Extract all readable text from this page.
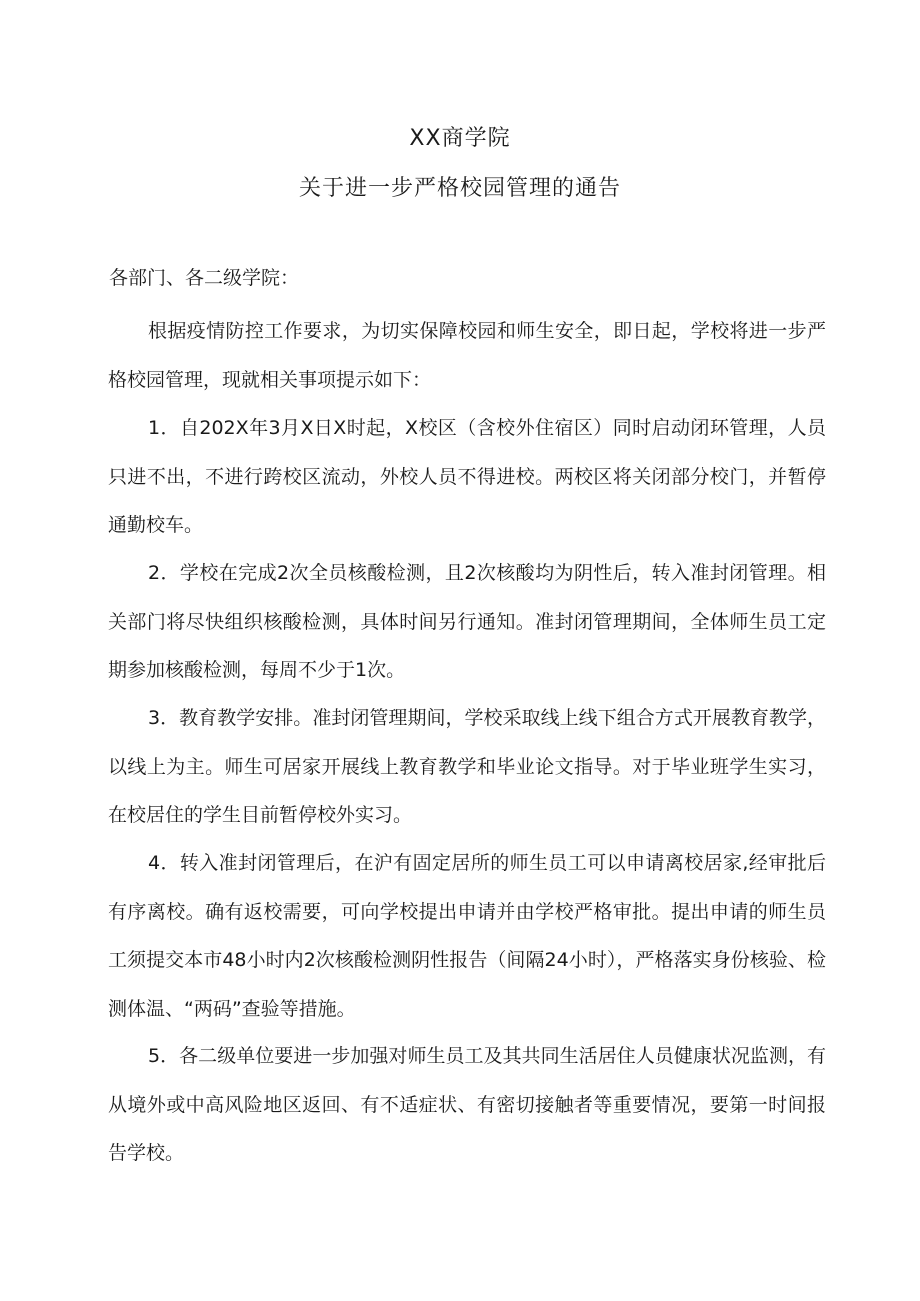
XX商学院
关于进一步严格校园管理的通告
各部门、各二级学院：

根据疫情防控工作要求，为切实保障校园和师生安全，即日起，学校将进一步严格校园管理，现就相关事项提示如下：

1．自202X年3月X日X时起，X校区（含校外住宿区）同时启动闭环管理，人员只进不出，不进行跨校区流动，外校人员不得进校。两校区将关闭部分校门，并暂停通勤校车。

2．学校在完成2次全员核酸检测，且2次核酸均为阴性后，转入准封闭管理。相关部门将尽快组织核酸检测，具体时间另行通知。准封闭管理期间，全体师生员工定期参加核酸检测，每周不少于1次。

3．教育教学安排。准封闭管理期间，学校采取线上线下组合方式开展教育教学，以线上为主。师生可居家开展线上教育教学和毕业论文指导。对于毕业班学生实习，在校居住的学生目前暂停校外实习。

4．转入准封闭管理后，在沪有固定居所的师生员工可以申请离校居家,经审批后有序离校。确有返校需要，可向学校提出申请并由学校严格审批。提出申请的师生员工须提交本市48小时内2次核酸检测阴性报告（间隔24小时），严格落实身份核验、检测体温、“两码”查验等措施。

5．各二级单位要进一步加强对师生员工及其共同生活居住人员健康状况监测，有从境外或中高风险地区返回、有不适症状、有密切接触者等重要情况，要第一时间报告学校。
